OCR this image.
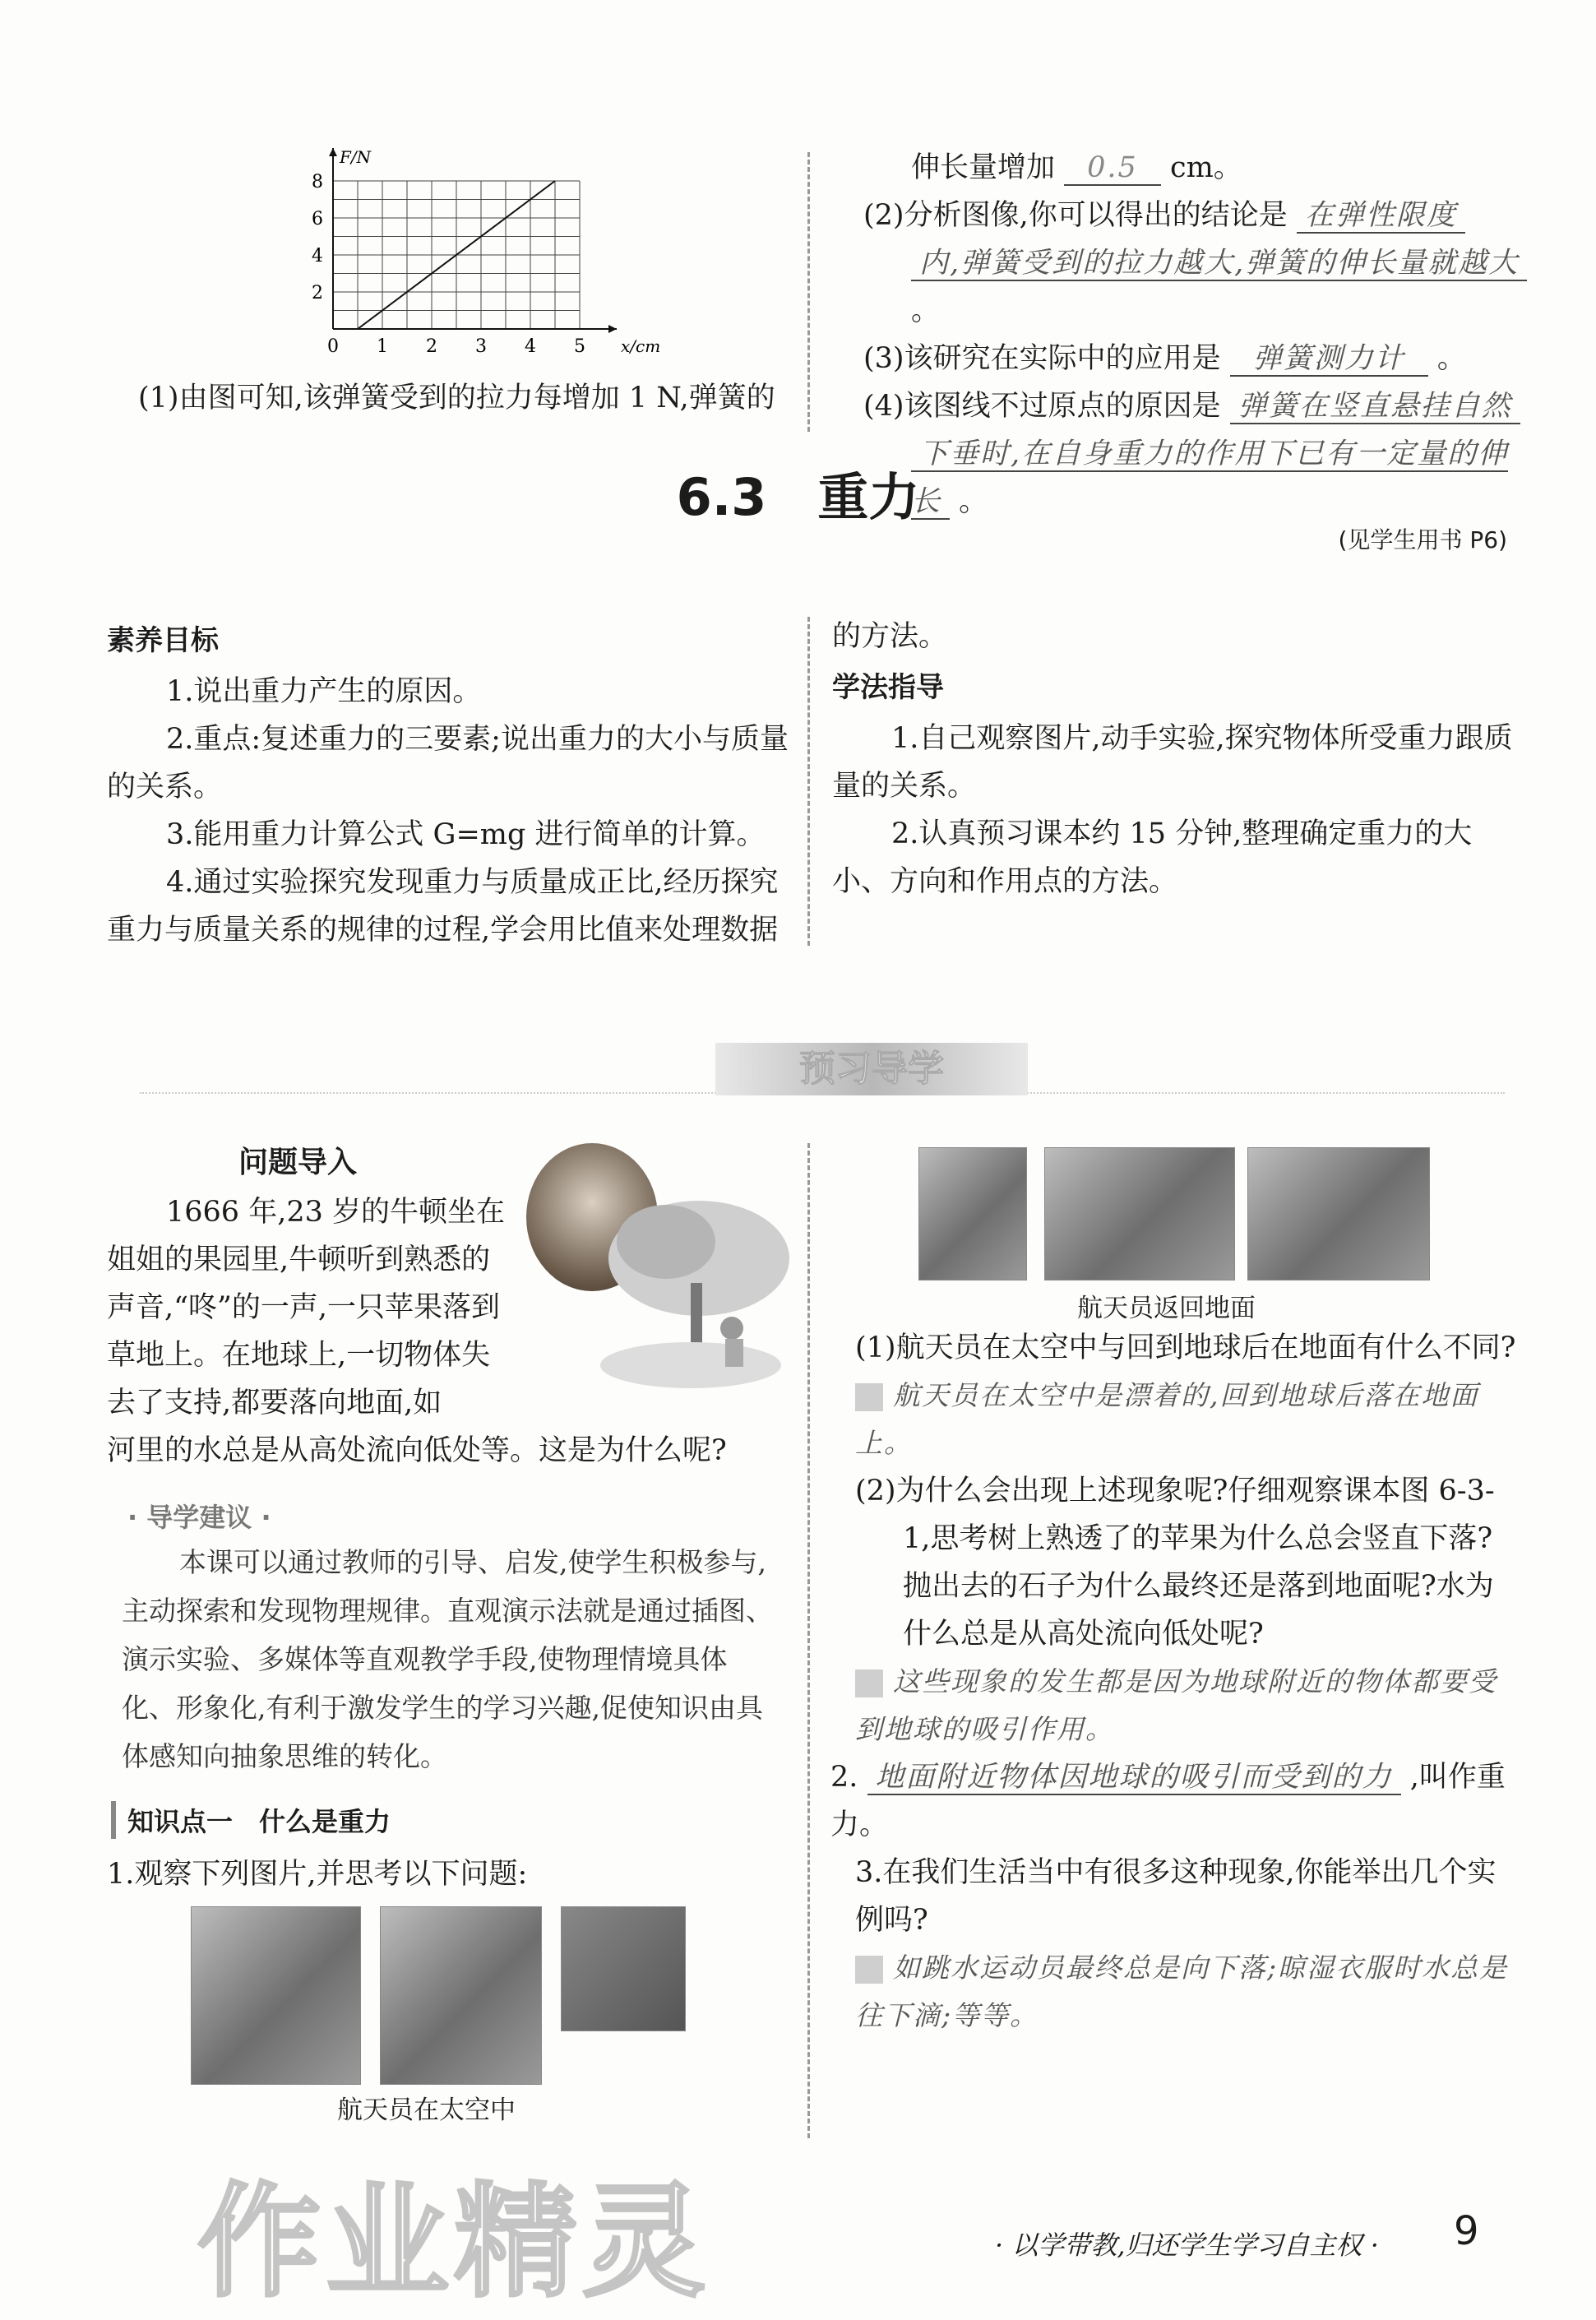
0 1 2 3 4 5
2
4
6
8
x/cm
F/N
(1)由图可知,该弹簧受到的拉力每增加 1 N,弹簧的
伸长量增加 0.5 cm。
(2)分析图像,你可以得出的结论是 在弹性限度
内,弹簧受到的拉力越大,弹簧的伸长量就越大 。
(3)该研究在实际中的应用是 弹簧测力计 。
(4)该图线不过原点的原因是 弹簧在竖直悬挂自然
下垂时,在自身重力的作用下已有一定量的伸长 。
6.3　重力
(见学生用书 P6)
素养目标
1.说出重力产生的原因。
2.重点:复述重力的三要素;说出重力的大小与质量的关系。
3.能用重力计算公式 G=mg 进行简单的计算。
4.通过实验探究发现重力与质量成正比,经历探究重力与质量关系的规律的过程,学会用比值来处理数据
的方法。
学法指导
1.自己观察图片,动手实验,探究物体所受重力跟质量的关系。
2.认真预习课本约 15 分钟,整理确定重力的大小、方向和作用点的方法。
预习导学
问题导入
1666 年,23 岁的牛顿坐在姐姐的果园里,牛顿听到熟悉的声音,“咚”的一声,一只苹果落到草地上。在地球上,一切物体失去了支持,都要落向地面,如
河里的水总是从高处流向低处等。这是为什么呢?
· 导学建议 ·
本课可以通过教师的引导、启发,使学生积极参与,主动探索和发现物理规律。直观演示法就是通过插图、演示实验、多媒体等直观教学手段,使物理情境具体化、形象化,有利于激发学生的学习兴趣,促使知识由具体感知向抽象思维的转化。
知识点一　什么是重力
1.观察下列图片,并思考以下问题:
航天员在太空中
航天员返回地面
(1)航天员在太空中与回到地球后在地面有什么不同?
航天员在太空中是漂着的,回到地球后落在地面上。
(2)为什么会出现上述现象呢?仔细观察课本图 6-3-1,思考树上熟透了的苹果为什么总会竖直下落?抛出去的石子为什么最终还是落到地面呢?水为什么总是从高处流向低处呢?
这些现象的发生都是因为地球附近的物体都要受到地球的吸引作用。
2. 地面附近物体因地球的吸引而受到的力 ,叫作重力。
3.在我们生活当中有很多这种现象,你能举出几个实例吗?
如跳水运动员最终总是向下落;晾湿衣服时水总是往下滴;等等。
作业精灵	· 以学带教,归还学生学习自主权 · 9
